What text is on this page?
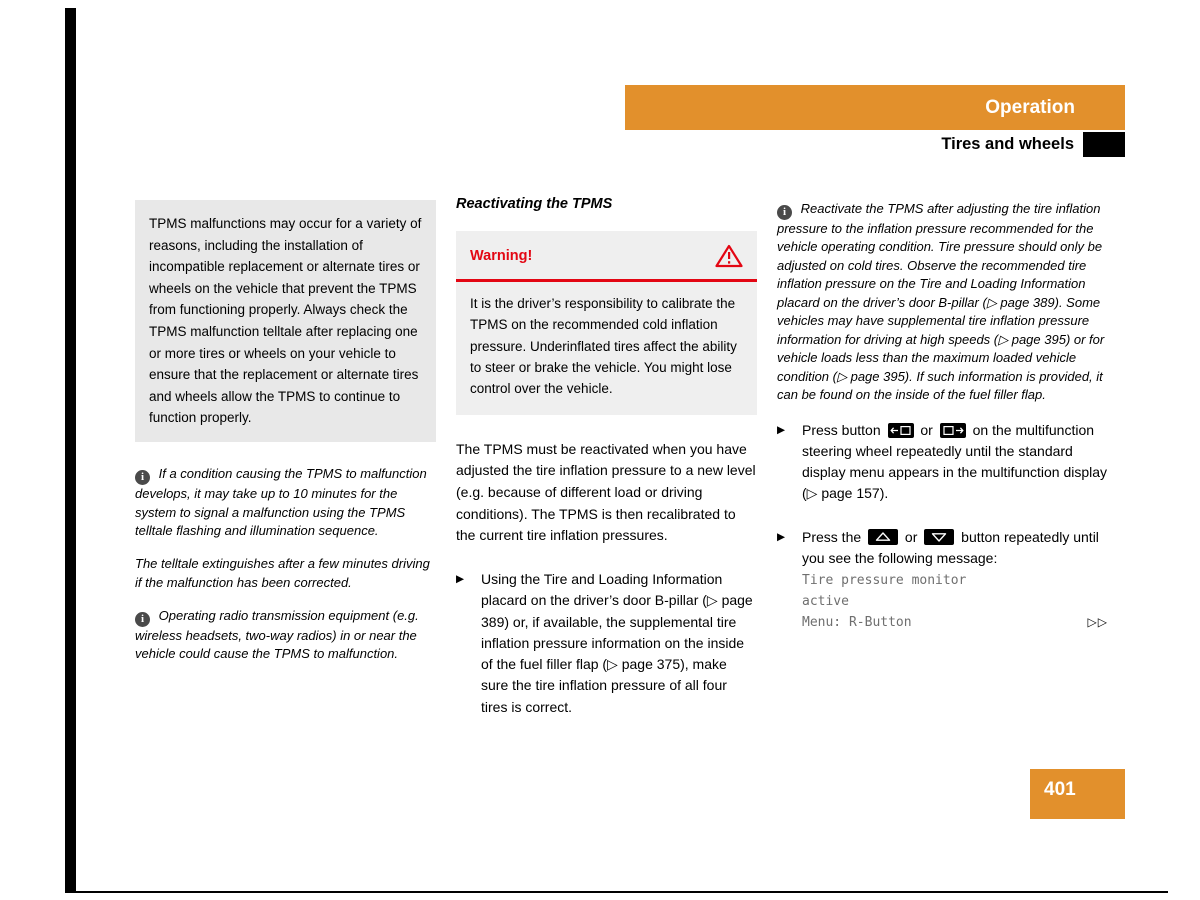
Operation
Tires and wheels

TPMS malfunctions may occur for a variety of reasons, including the installation of incompatible replacement or alternate tires or wheels on the vehicle that prevent the TPMS from functioning properly. Always check the TPMS malfunction telltale after replacing one or more tires or wheels on your vehicle to ensure that the replacement or alternate tires and wheels allow the TPMS to continue to function properly.

i If a condition causing the TPMS to malfunction develops, it may take up to 10 minutes for the system to signal a malfunction using the TPMS telltale flashing and illumination sequence.

The telltale extinguishes after a few minutes driving if the malfunction has been corrected.

i Operating radio transmission equipment (e.g. wireless headsets, two-way radios) in or near the vehicle could cause the TPMS to malfunction.

Reactivating the TPMS
Warning!

It is the driver’s responsibility to calibrate the TPMS on the recommended cold inflation pressure. Underinflated tires affect the ability to steer or brake the vehicle. You might lose control over the vehicle.

The TPMS must be reactivated when you have adjusted the tire inflation pressure to a new level (e.g. because of different load or driving conditions). The TPMS is then recalibrated to the current tire inflation pressures.

▶	Using the Tire and Loading Information placard on the driver’s door B-pillar (▷ page 389) or, if available, the supplemental tire inflation pressure information on the inside of the fuel filler flap (▷ page 375), make sure the tire inflation pressure of all four tires is correct.

i Reactivate the TPMS after adjusting the tire inflation pressure to the inflation pressure recommended for the vehicle operating condition. Tire pressure should only be adjusted on cold tires. Observe the recommended tire inflation pressure on the Tire and Loading Information placard on the driver’s door B-pillar (▷ page 389). Some vehicles may have supplemental tire inflation pressure information for driving at high speeds (▷ page 395) or for vehicle loads less than the maximum loaded vehicle condition (▷ page 395). If such information is provided, it can be found on the inside of the fuel filler flap.

▶	Press button	or	on the multifunction steering wheel repeatedly until the standard display menu appears in the multifunction display (▷ page 157).

▶	Press the	or	button repeatedly until you see the following message:

Tire pressure monitor
active
Menu: R-Button	▷▷
401
